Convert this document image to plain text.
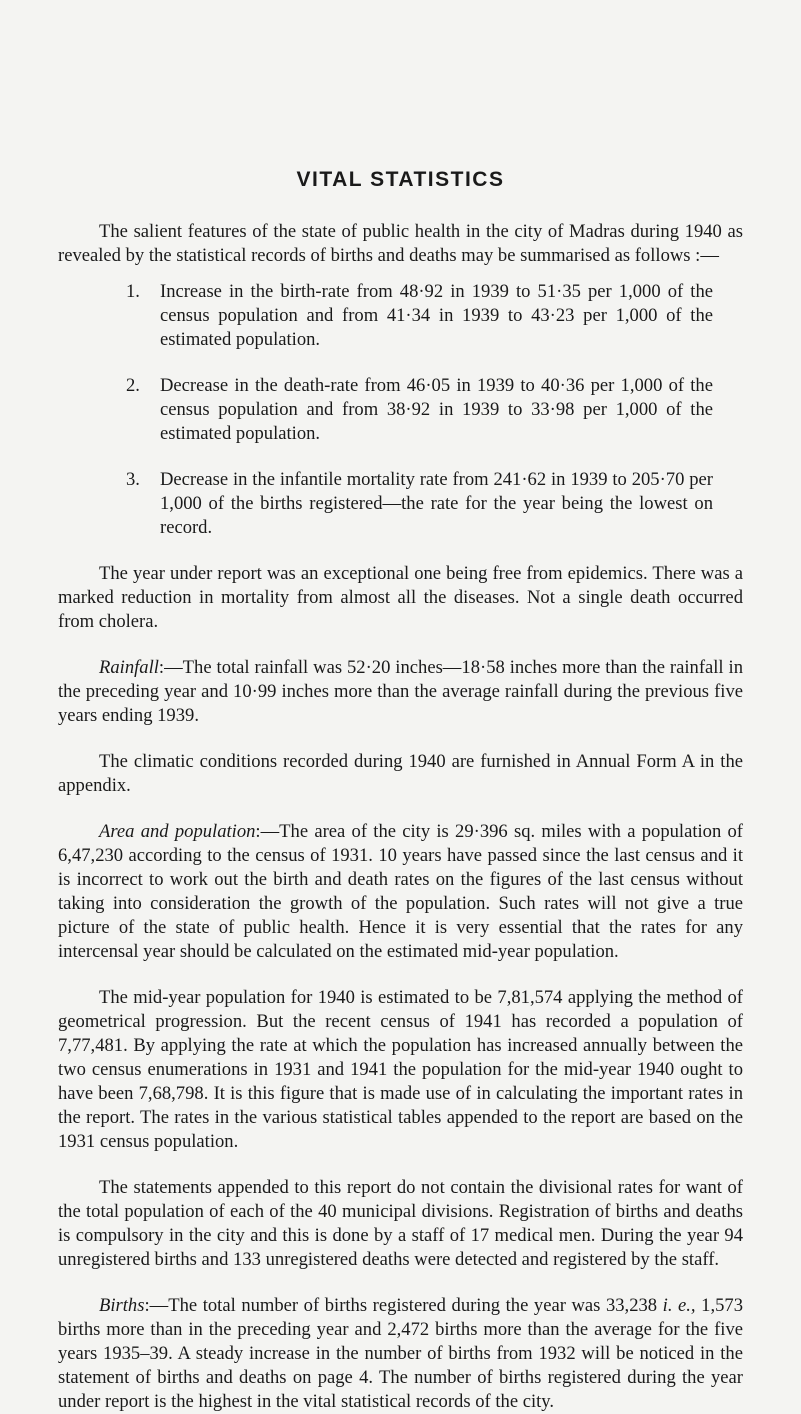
VITAL STATISTICS

The salient features of the state of public health in the city of Madras during 1940 as revealed by the statistical records of births and deaths may be summarised as follows :—

1.	Increase in the birth-rate from 48·92 in 1939 to 51·35 per 1,000 of the census population and from 41·34 in 1939 to 43·23 per 1,000 of the estimated population.
2.	Decrease in the death-rate from 46·05 in 1939 to 40·36 per 1,000 of the census population and from 38·92 in 1939 to 33·98 per 1,000 of the estimated population.
3.	Decrease in the infantile mortality rate from 241·62 in 1939 to 205·70 per 1,000 of the births registered—the rate for the year being the lowest on record.

The year under report was an exceptional one being free from epidemics. There was a marked reduction in mortality from almost all the diseases. Not a single death occurred from cholera.

Rainfall:—The total rainfall was 52·20 inches—18·58 inches more than the rainfall in the preceding year and 10·99 inches more than the average rainfall during the previous five years ending 1939.

The climatic conditions recorded during 1940 are furnished in Annual Form A in the appendix.

Area and population:—The area of the city is 29·396 sq. miles with a population of 6,47,230 according to the census of 1931. 10 years have passed since the last census and it is incorrect to work out the birth and death rates on the figures of the last census without taking into consideration the growth of the population. Such rates will not give a true picture of the state of public health. Hence it is very essential that the rates for any intercensal year should be calculated on the estimated mid-year population.

The mid-year population for 1940 is estimated to be 7,81,574 applying the method of geometrical progression. But the recent census of 1941 has recorded a population of 7,77,481. By applying the rate at which the population has increased annually between the two census enumerations in 1931 and 1941 the population for the mid-year 1940 ought to have been 7,68,798. It is this figure that is made use of in calculating the important rates in the report. The rates in the various statistical tables appended to the report are based on the 1931 census population.

The statements appended to this report do not contain the divisional rates for want of the total population of each of the 40 municipal divisions. Registration of births and deaths is compulsory in the city and this is done by a staff of 17 medical men. During the year 94 unregistered births and 133 unregistered deaths were detected and registered by the staff.

Births:—The total number of births registered during the year was 33,238 i. e., 1,573 births more than in the preceding year and 2,472 births more than the average for the five years 1935–39. A steady increase in the number of births from 1932 will be noticed in the statement of births and deaths on page 4. The number of births registered during the year under report is the highest in the vital statistical records of the city.
